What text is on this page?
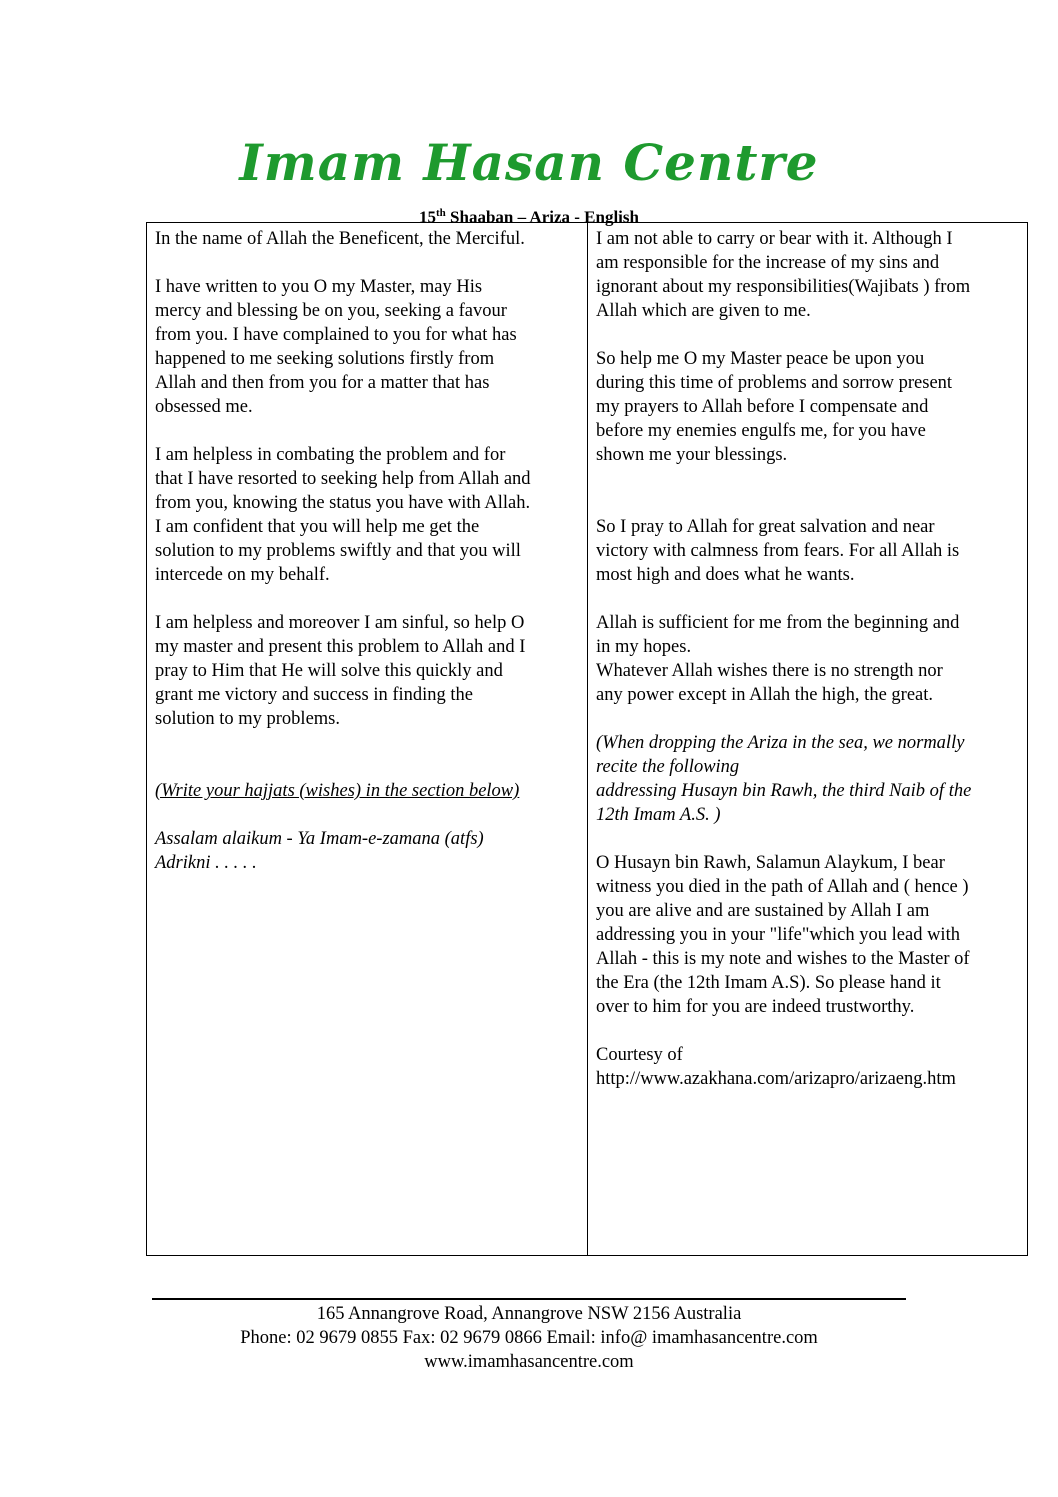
Imam Hasan Centre
15th Shaaban – Ariza - English

In the name of Allah the Beneficent, the Merciful.

I have written to you O my Master, may His
mercy and blessing be on you, seeking a favour
from you. I have complained to you for what has
happened to me seeking solutions firstly from
Allah and then from you for a matter that has
obsessed me.

I am helpless in combating the problem and for
that I have resorted to seeking help from Allah and
from you, knowing the status you have with Allah.
I am confident that you will help me get the
solution to my problems swiftly and that you will
intercede on my behalf.

I am helpless and moreover I am sinful, so help O
my master and present this problem to Allah and I
pray to Him that He will solve this quickly and
grant me victory and success in finding the
solution to my problems.

(Write your hajjats (wishes) in the section below)

Assalam alaikum - Ya Imam-e-zamana (atfs)
Adrikni . . . . .

I am not able to carry or bear with it. Although I
am responsible for the increase of my sins and
ignorant about my responsibilities(Wajibats ) from
Allah which are given to me.

So help me O my Master peace be upon you
during this time of problems and sorrow present
my prayers to Allah before I compensate and
before my enemies engulfs me, for you have
shown me your blessings.

So I pray to Allah for great salvation and near
victory with calmness from fears. For all Allah is
most high and does what he wants.

Allah is sufficient for me from the beginning and
in my hopes.
Whatever Allah wishes there is no strength nor
any power except in Allah the high, the great.

(When dropping the Ariza in the sea, we normally
recite the following
addressing Husayn bin Rawh, the third Naib of the
12th Imam A.S. )

O Husayn bin Rawh, Salamun Alaykum, I bear
witness you died in the path of Allah and ( hence )
you are alive and are sustained by Allah I am
addressing you in your "life"which you lead with
Allah - this is my note and wishes to the Master of
the Era (the 12th Imam A.S). So please hand it
over to him for you are indeed trustworthy.

Courtesy of
http://www.azakhana.com/arizapro/arizaeng.htm

165 Annangrove Road, Annangrove NSW 2156 Australia
Phone: 02 9679 0855 Fax: 02 9679 0866 Email: info@ imamhasancentre.com
www.imamhasancentre.com
